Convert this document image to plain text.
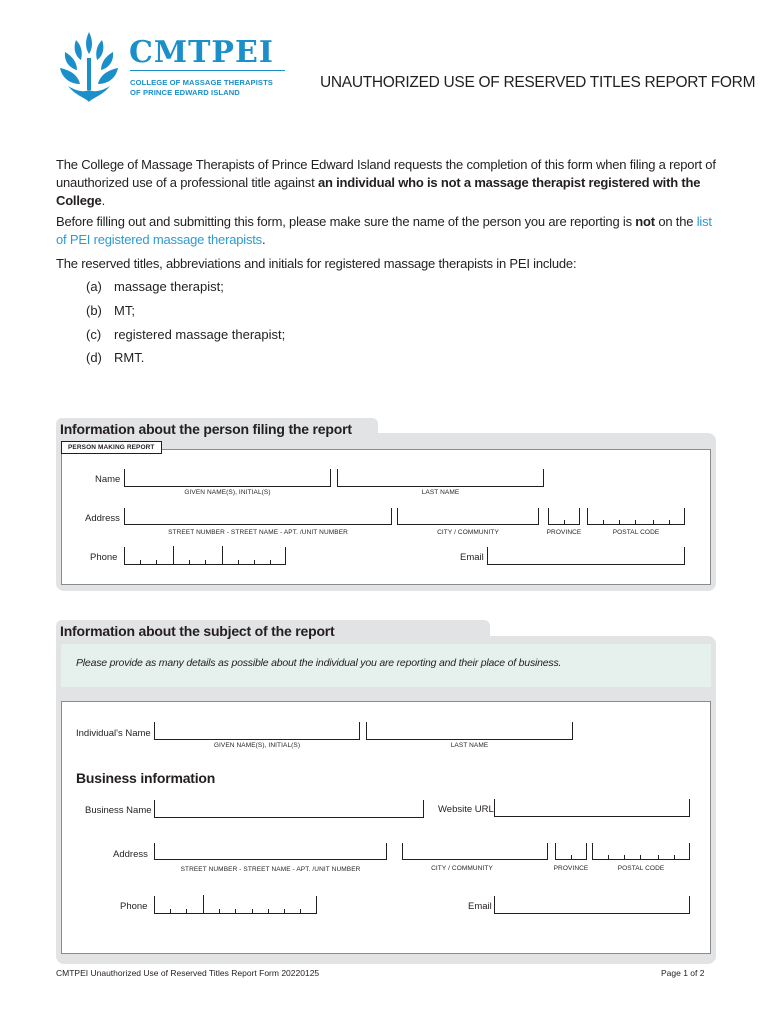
CMTPEI
COLLEGE OF MASSAGE THERAPISTS
OF PRINCE EDWARD ISLAND
UNAUTHORIZED USE OF RESERVED TITLES REPORT FORM
The College of Massage Therapists of Prince Edward Island requests the completion of this form when filing a report of unauthorized use of a professional title against an individual who is not a massage therapist registered with the College.
Before filling out and submitting this form, please make sure the name of the person you are reporting is not on the list of PEI registered massage therapists.
The reserved titles, abbreviations and initials for registered massage therapists in PEI include:
(a) massage therapist;
(b) MT;
(c) registered massage therapist;
(d) RMT.
Information about the person filing the report
PERSON MAKING REPORT
Name
GIVEN NAME(S), INITIAL(S)	LAST NAME
Address
STREET NUMBER - STREET NAME - APT. /UNIT NUMBER	CITY / COMMUNITY	PROVINCE	POSTAL CODE
Phone	Email
Information about the subject of the report
Please provide as many details as possible about the individual you are reporting and their place of business.
Individual's Name
GIVEN NAME(S), INITIAL(S)	LAST NAME
Business information
Business Name	Website URL
Address
STREET NUMBER - STREET NAME - APT. /UNIT NUMBER	CITY / COMMUNITY	PROVINCE	POSTAL CODE
Phone	Email
CMTPEI Unauthorized Use of Reserved Titles Report Form 20220125	Page 1 of 2
